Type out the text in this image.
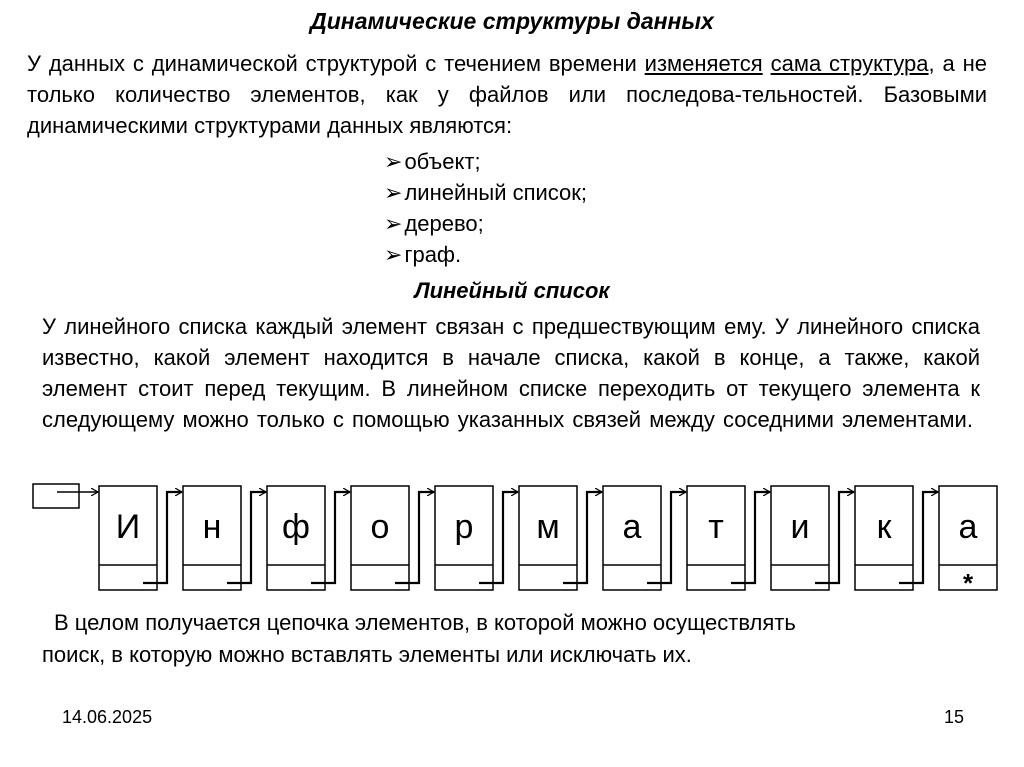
Динамические структуры данных
У данных с динамической структурой с течением времени изменяется сама структура, а не только количество элементов, как у файлов или последова-тельностей. Базовыми динамическими структурами данных являются:
➢ объект;
➢ линейный список;
➢ дерево;
➢ граф.
Линейный список
У линейного списка каждый элемент связан с предшествующим ему. У линейного списка известно, какой элемент находится в начале списка, какой в конце, а также, какой элемент стоит перед текущим. В линейном списке переходить от текущего элемента к следующему можно только с помощью указанных связей между соседними элементами.
И н ф о р м а т и к а
*
В целом получается цепочка элементов, в которой можно осуществлять
поиск, в которую можно вставлять элементы или исключать их.
14.06.2025	15
